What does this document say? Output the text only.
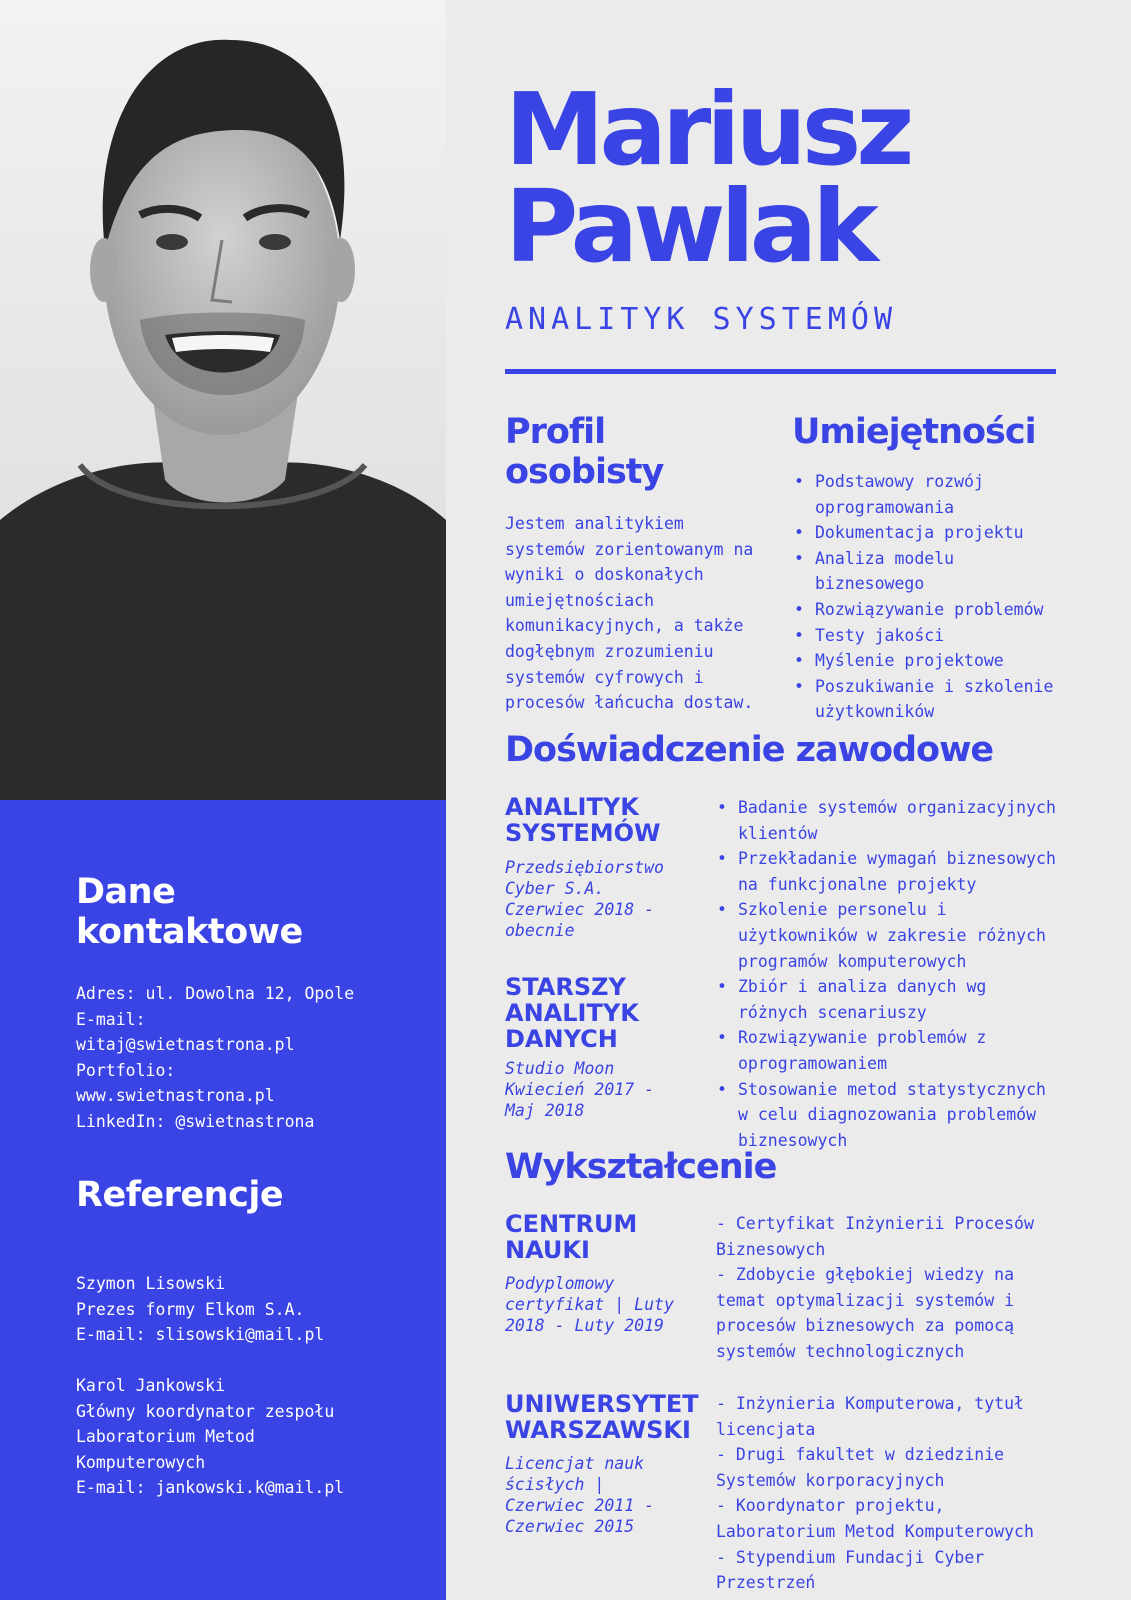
Dane
kontaktowe
Adres: ul. Dowolna 12, Opole
E-mail:
witaj@swietnastrona.pl
Portfolio:
www.swietnastrona.pl
LinkedIn: @swietnastrona
Referencje
Szymon Lisowski
Prezes formy Elkom S.A.
E-mail: slisowski@mail.pl
Karol Jankowski
Główny koordynator zespołu
Laboratorium Metod
Komputerowych
E-mail: jankowski.k@mail.pl
Mariusz
Pawlak
ANALITYK SYSTEMÓW
Profil
osobisty
Jestem analitykiem
systemów zorientowanym na
wyniki o doskonałych
umiejętnościach
komunikacyjnych, a także
dogłębnym zrozumieniu
systemów cyfrowych i
procesów łańcucha dostaw.
Umiejętności
• Podstawowy rozwój oprogramowania
• Dokumentacja projektu
• Analiza modelu biznesowego
• Rozwiązywanie problemów
• Testy jakości
• Myślenie projektowe
• Poszukiwanie i szkolenie użytkowników
Doświadczenie zawodowe
ANALITYK SYSTEMÓW
Przedsiębiorstwo
Cyber S.A.
Czerwiec 2018 -
obecnie
STARSZY ANALITYK DANYCH
Studio Moon
Kwiecień 2017 -
Maj 2018
• Badanie systemów organizacyjnych klientów
• Przekładanie wymagań biznesowych na funkcjonalne projekty
• Szkolenie personelu i użytkowników w zakresie różnych programów komputerowych
• Zbiór i analiza danych wg różnych scenariuszy
• Rozwiązywanie problemów z oprogramowaniem
• Stosowanie metod statystycznych w celu diagnozowania problemów biznesowych
Wykształcenie
CENTRUM NAUKI
Podyplomowy
certyfikat | Luty
2018 - Luty 2019
- Certyfikat Inżynierii Procesów
Biznesowych
- Zdobycie głębokiej wiedzy na
temat optymalizacji systemów i
procesów biznesowych za pomocą
systemów technologicznych
UNIWERSYTET WARSZAWSKI
Licencjat nauk
ścisłych |
Czerwiec 2011 -
Czerwiec 2015
- Inżynieria Komputerowa, tytuł
licencjata
- Drugi fakultet w dziedzinie
Systemów korporacyjnych
- Koordynator projektu,
Laboratorium Metod Komputerowych
- Stypendium Fundacji Cyber
Przestrzeń
